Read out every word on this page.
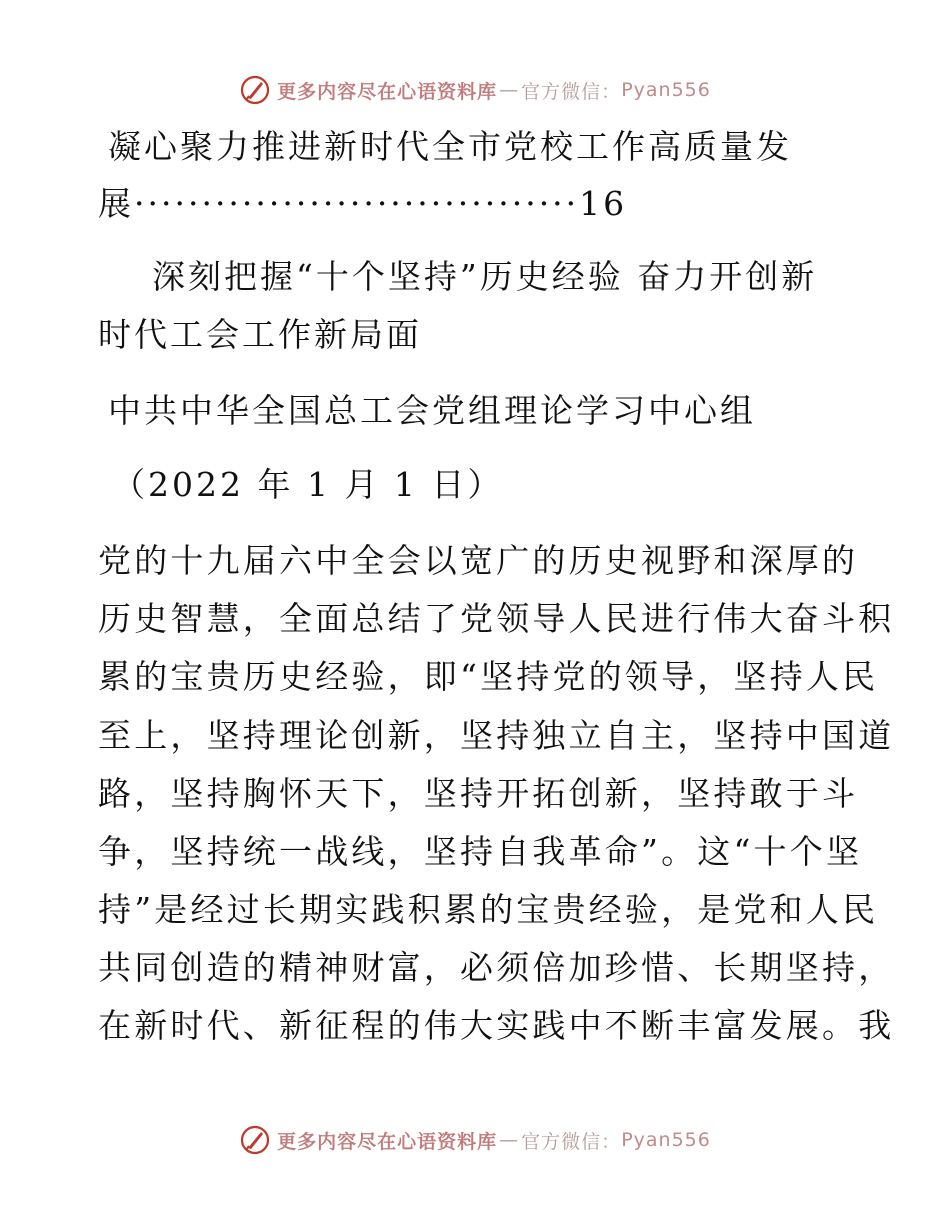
更多内容尽在心语资料库 — 官方微信： Pyan556
凝心聚力推进新时代全市党校工作高质量发
展·································16
深刻把握“十个坚持”历史经验 奋力开创新
时代工会工作新局面
中共中华全国总工会党组理论学习中心组
（2022 年 1 月 1 日）
党的十九届六中全会以宽广的历史视野和深厚的
历史智慧，全面总结了党领导人民进行伟大奋斗积
累的宝贵历史经验，即“坚持党的领导，坚持人民
至上，坚持理论创新，坚持独立自主，坚持中国道
路，坚持胸怀天下，坚持开拓创新，坚持敢于斗
争，坚持统一战线，坚持自我革命”。这“十个坚
持”是经过长期实践积累的宝贵经验，是党和人民
共同创造的精神财富，必须倍加珍惜、长期坚持，
在新时代、新征程的伟大实践中不断丰富发展。我
更多内容尽在心语资料库 — 官方微信： Pyan556
